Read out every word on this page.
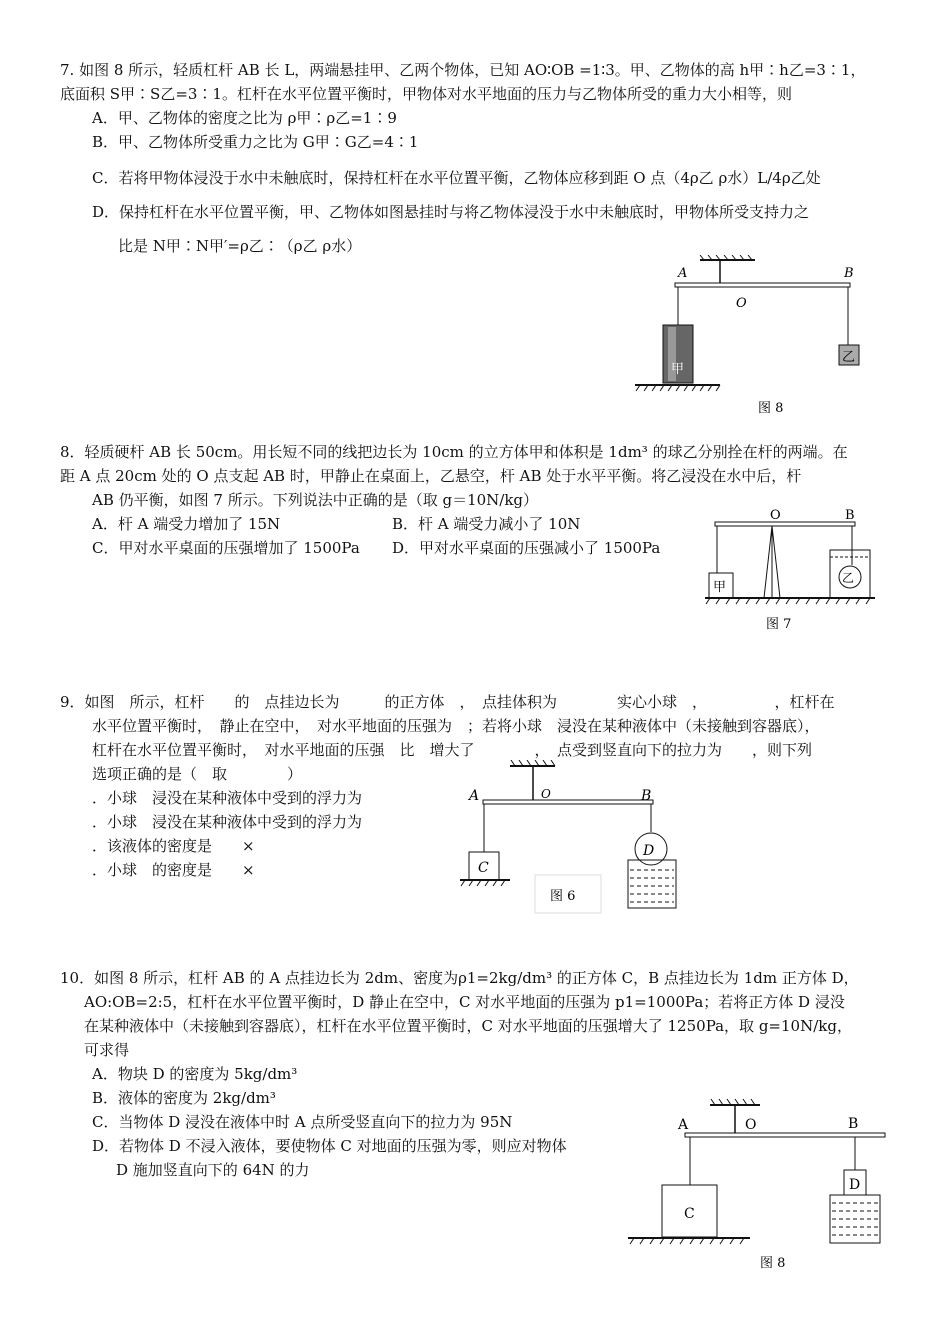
7. 如图 8 所示，轻质杠杆 AB 长 L，两端悬挂甲、乙两个物体，已知 AO∶OB =1∶3。甲、乙物体的高 h甲∶h乙=3∶1，

底面积 S甲∶S乙=3∶1。杠杆在水平位置平衡时，甲物体对水平地面的压力与乙物体所受的重力大小相等，则

A．甲、乙物体的密度之比为 ρ甲∶ρ乙=1∶9

B．甲、乙物体所受重力之比为 G甲∶G乙=4∶1

C．若将甲物体浸没于水中未触底时，保持杠杆在水平位置平衡，乙物体应移到距 O 点（4ρ乙 ρ水）L/4ρ乙处

D．保持杠杆在水平位置平衡，甲、乙物体如图悬挂时与将乙物体浸没于水中未触底时，甲物体所受支持力之

比是 N甲∶N甲′=ρ乙∶（ρ乙 ρ水）

A	B
O
甲
乙
图 8

8．轻质硬杆 AB 长 50cm。用长短不同的线把边长为 10cm 的立方体甲和体积是 1dm³ 的球乙分别拴在杆的两端。在

距 A 点 20cm 处的 O 点支起 AB 时，甲静止在桌面上，乙悬空，杆 AB 处于水平平衡。将乙浸没在水中后，杆

AB 仍平衡，如图 7 所示。下列说法中正确的是（取 g＝10N/kg）

A．杆 A 端受力增加了 15N	B．杆 A 端受力减小了 10N
C．甲对水平桌面的压强增加了 1500Pa	D．甲对水平桌面的压强减小了 1500Pa
O	B
甲
乙
图 7

9．如图　所示，杠杆　　的　点挂边长为　　　的正方体　，　点挂体积为　　　　实心小球　，　　　　　，杠杆在

水平位置平衡时，　静止在空中，　对水平地面的压强为　；若将小球　浸没在某种液体中（未接触到容器底），

杠杆在水平位置平衡时，　对水平地面的压强　比　增大了　　　　，　点受到竖直向下的拉力为　　，则下列

选项正确的是（　取　　　　）

．小球　浸没在某种液体中受到的浮力为

．小球　浸没在某种液体中受到的浮力为

．该液体的密度是　　×

．小球　的密度是　　×

A	O	B
C
D
图 6

10．如图 8 所示，杠杆 AB 的 A 点挂边长为 2dm、密度为ρ1=2kg/dm³ 的正方体 C，B 点挂边长为 1dm 正方体 D，

AO:OB=2:5，杠杆在水平位置平衡时，D 静止在空中，C 对水平地面的压强为 p1=1000Pa；若将正方体 D 浸没

在某种液体中（未接触到容器底），杠杆在水平位置平衡时，C 对水平地面的压强增大了 1250Pa，取 g=10N/kg，

可求得

A．物块 D 的密度为 5kg/dm³

B．液体的密度为 2kg/dm³

C．当物体 D 浸没在液体中时 A 点所受竖直向下的拉力为 95N

D．若物体 D 不浸入液体，要使物体 C 对地面的压强为零，则应对物体

D 施加竖直向下的 64N 的力

A	O	B
C
D
图 8
